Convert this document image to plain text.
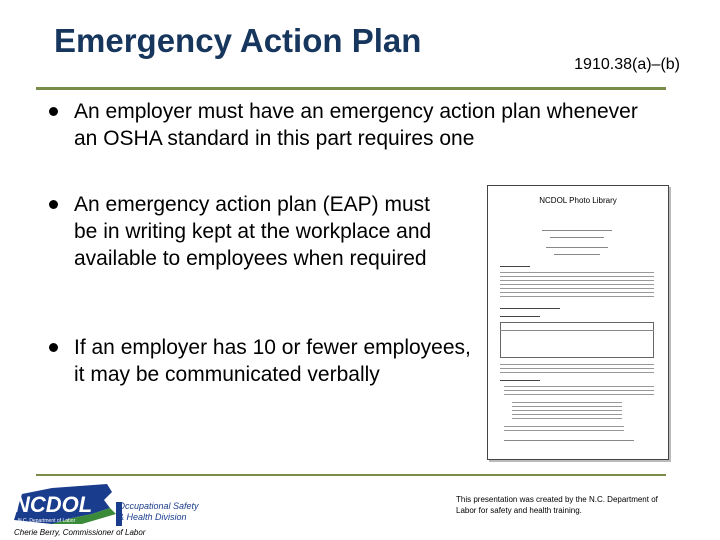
Emergency Action Plan
1910.38(a)–(b)
An employer must have an emergency action plan whenever an OSHA standard in this part requires one
An emergency action plan (EAP) must be in writing kept at the workplace and available to employees when required
If an employer has 10 or fewer employees, it may be communicated verbally
NCDOL Photo Library
NCDOL
N.C. Department of Labor
Occupational Safety
& Health Division
Cherie Berry, Commissioner of Labor
This presentation was created by the N.C. Department of Labor for safety and health training.
